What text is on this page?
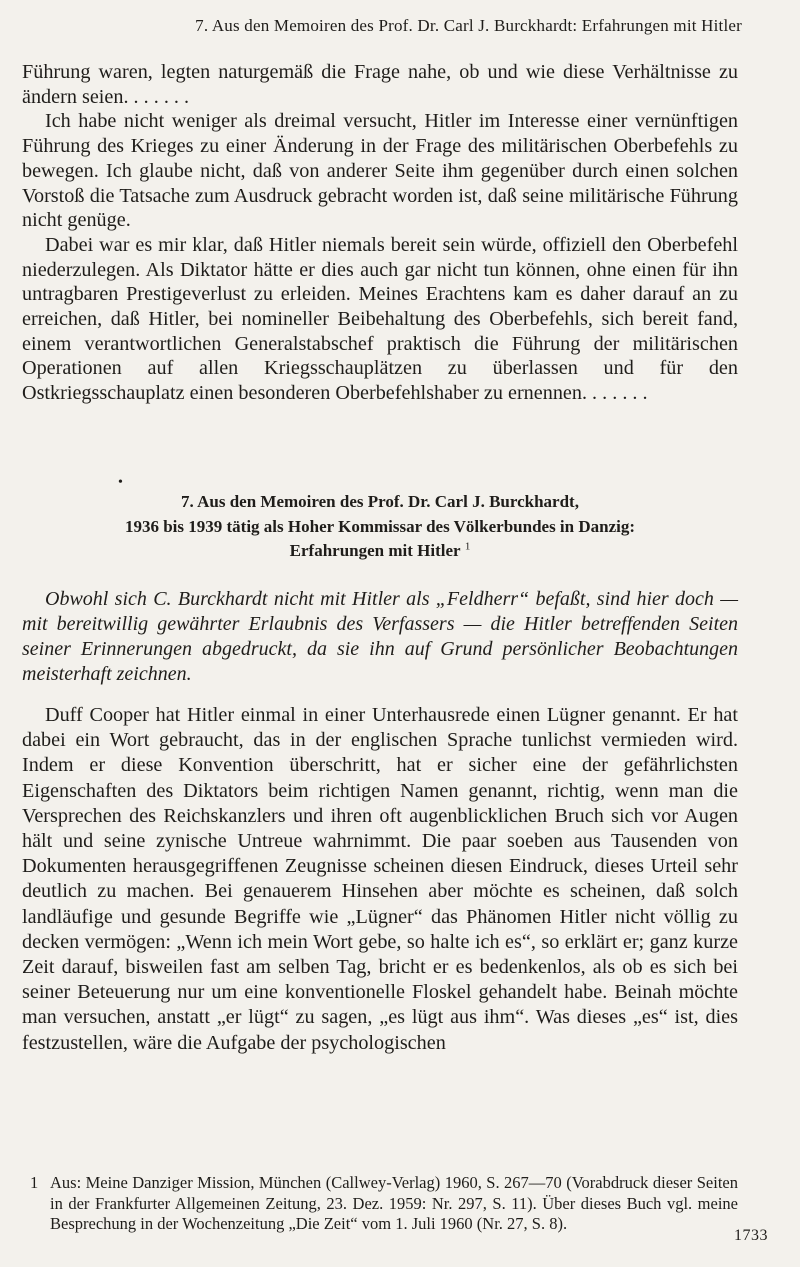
7. Aus den Memoiren des Prof. Dr. Carl J. Burckhardt: Erfahrungen mit Hitler

Führung waren, legten naturgemäß die Frage nahe, ob und wie diese Verhältnisse zu ändern seien. . . . . . .

Ich habe nicht weniger als dreimal versucht, Hitler im Interesse einer vernünftigen Führung des Krieges zu einer Änderung in der Frage des militärischen Oberbefehls zu bewegen. Ich glaube nicht, daß von anderer Seite ihm gegenüber durch einen solchen Vorstoß die Tatsache zum Ausdruck gebracht worden ist, daß seine militärische Führung nicht genüge.

Dabei war es mir klar, daß Hitler niemals bereit sein würde, offiziell den Oberbefehl niederzulegen. Als Diktator hätte er dies auch gar nicht tun können, ohne einen für ihn untragbaren Prestigeverlust zu erleiden. Meines Erachtens kam es daher darauf an zu erreichen, daß Hitler, bei nomineller Beibehaltung des Oberbefehls, sich bereit fand, einem verantwortlichen Generalstabschef praktisch die Führung der militärischen Operationen auf allen Kriegsschauplätzen zu überlassen und für den Ostkriegsschauplatz einen besonderen Oberbefehlshaber zu ernennen. . . . . . .

•
7. Aus den Memoiren des Prof. Dr. Carl J. Burckhardt,
1936 bis 1939 tätig als Hoher Kommissar des Völkerbundes in Danzig:
Erfahrungen mit Hitler $^1$

Obwohl sich C. Burckhardt nicht mit Hitler als „Feldherr“ befaßt, sind hier doch — mit bereitwillig gewährter Erlaubnis des Verfassers — die Hitler betreffenden Seiten seiner Erinnerungen abgedruckt, da sie ihn auf Grund persönlicher Beobachtungen meisterhaft zeichnen.

Duff Cooper hat Hitler einmal in einer Unterhausrede einen Lügner genannt. Er hat dabei ein Wort gebraucht, das in der englischen Sprache tunlichst vermieden wird. Indem er diese Konvention überschritt, hat er sicher eine der gefährlichsten Eigenschaften des Diktators beim richtigen Namen genannt, richtig, wenn man die Versprechen des Reichskanzlers und ihren oft augenblicklichen Bruch sich vor Augen hält und seine zynische Untreue wahrnimmt. Die paar soeben aus Tausenden von Dokumenten herausgegriffenen Zeugnisse scheinen diesen Eindruck, dieses Urteil sehr deutlich zu machen. Bei genauerem Hinsehen aber möchte es scheinen, daß solch landläufige und gesunde Begriffe wie „Lügner“ das Phänomen Hitler nicht völlig zu decken vermögen: „Wenn ich mein Wort gebe, so halte ich es“, so erklärt er; ganz kurze Zeit darauf, bisweilen fast am selben Tag, bricht er es bedenkenlos, als ob es sich bei seiner Beteuerung nur um eine konventionelle Floskel gehandelt habe. Beinah möchte man versuchen, anstatt „er lügt“ zu sagen, „es lügt aus ihm“. Was dieses „es“ ist, dies festzustellen, wäre die Aufgabe der psychologischen

1 Aus: Meine Danziger Mission, München (Callwey-Verlag) 1960, S. 267—70 (Vorabdruck dieser Seiten in der Frankfurter Allgemeinen Zeitung, 23. Dez. 1959: Nr. 297, S. 11). Über dieses Buch vgl. meine Besprechung in der Wochenzeitung „Die Zeit“ vom 1. Juli 1960 (Nr. 27, S. 8).
1733
